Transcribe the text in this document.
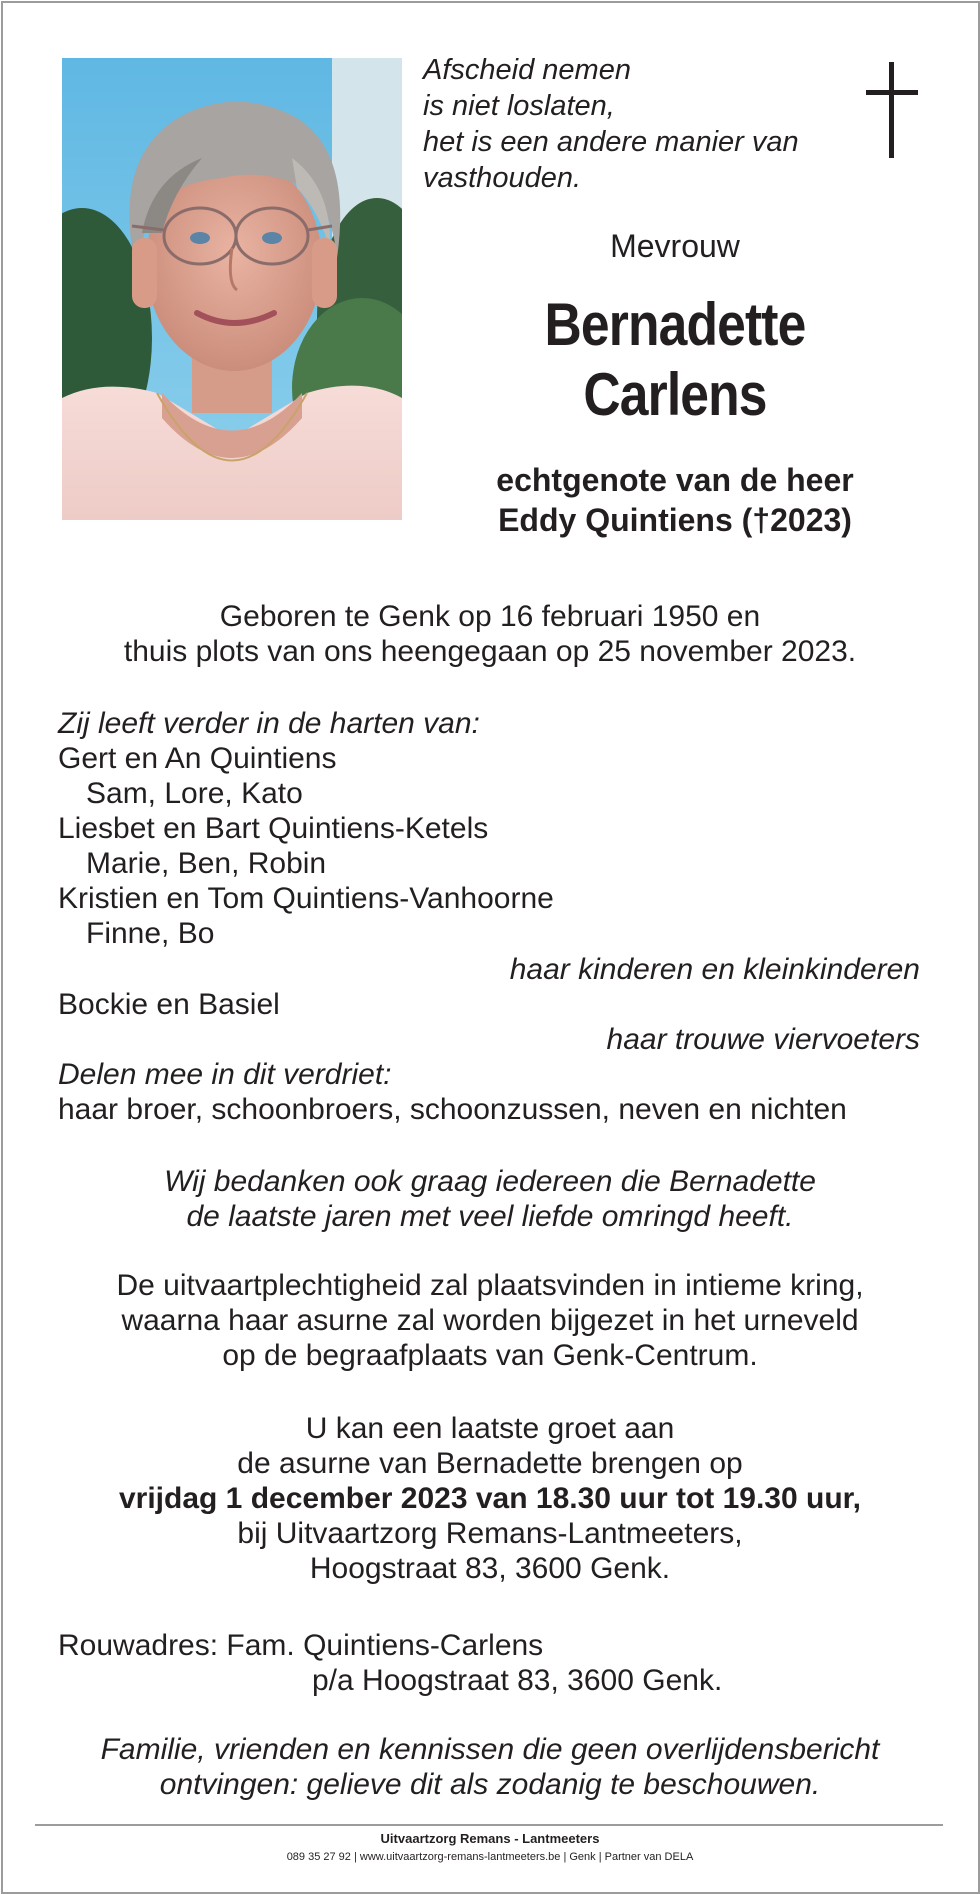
Afscheid nemen
is niet loslaten,
het is een andere manier van
vasthouden.
Mevrouw
Bernadette
Carlens
echtgenote van de heer
Eddy Quintiens (†2023)
Geboren te Genk op 16 februari 1950 en
thuis plots van ons heengegaan op 25 november 2023.
Zij leeft verder in de harten van:
Gert en An Quintiens
Sam, Lore, Kato
Liesbet en Bart Quintiens-Ketels
Marie, Ben, Robin
Kristien en Tom Quintiens-Vanhoorne
Finne, Bo
haar kinderen en kleinkinderen
Bockie en Basiel
haar trouwe viervoeters
Delen mee in dit verdriet:
haar broer, schoonbroers, schoonzussen, neven en nichten
Wij bedanken ook graag iedereen die Bernadette
de laatste jaren met veel liefde omringd heeft.
De uitvaartplechtigheid zal plaatsvinden in intieme kring,
waarna haar asurne zal worden bijgezet in het urneveld
op de begraafplaats van Genk-Centrum.
U kan een laatste groet aan
de asurne van Bernadette brengen op
vrijdag 1 december 2023 van 18.30 uur tot 19.30 uur,
bij Uitvaartzorg Remans-Lantmeeters,
Hoogstraat 83, 3600 Genk.
Rouwadres: Fam. Quintiens-Carlens
p/a Hoogstraat 83, 3600 Genk.
Familie, vrienden en kennissen die geen overlijdensbericht
ontvingen: gelieve dit als zodanig te beschouwen.
Uitvaartzorg Remans - Lantmeeters
089 35 27 92 | www.uitvaartzorg-remans-lantmeeters.be | Genk | Partner van DELA
